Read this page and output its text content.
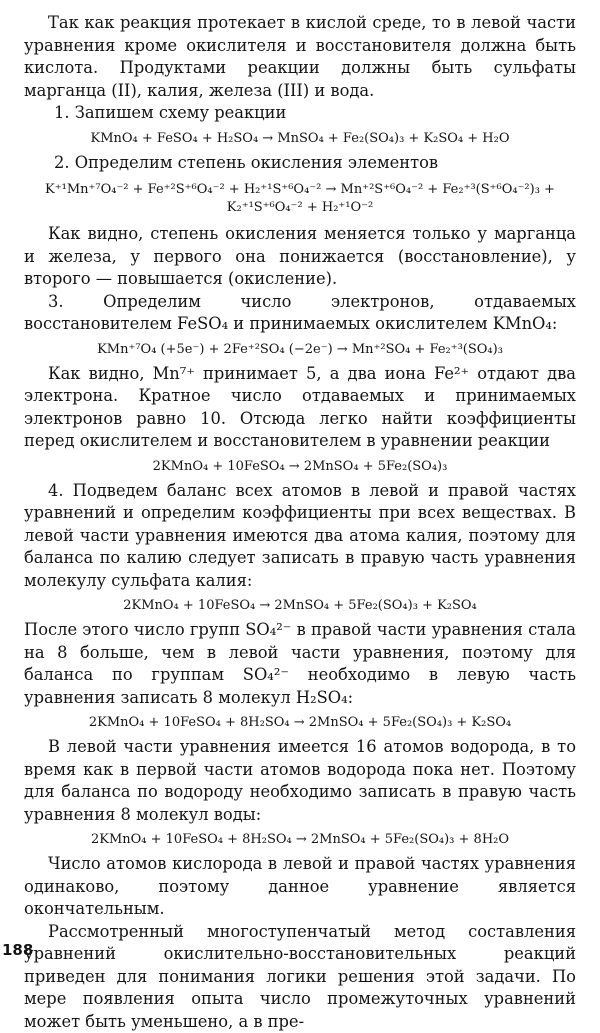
Так как реакция протекает в кислой среде, то в левой части уравнения кроме окислителя и восстановителя должна быть кислота. Продуктами реакции должны быть сульфаты марганца (II), калия, железа (III) и вода.

1. Запишем схему реакции

KMnO₄ + FeSO₄ + H₂SO₄ → MnSO₄ + Fe₂(SO₄)₃ + K₂SO₄ + H₂O

2. Определим степень окисления элементов

K⁺¹Mn⁺⁷O₄⁻² + Fe⁺²S⁺⁶O₄⁻² + H₂⁺¹S⁺⁶O₄⁻² → Mn⁺²S⁺⁶O₄⁻² + Fe₂⁺³(S⁺⁶O₄⁻²)₃ + K₂⁺¹S⁺⁶O₄⁻² + H₂⁺¹O⁻²

Как видно, степень окисления меняется только у марганца и железа, у первого она понижается (восстановление), у второго — повышается (окисление).

3. Определим число электронов, отдаваемых восстановителем FeSO₄ и принимаемых окислителем KMnO₄:

KMn⁺⁷O₄ (+5e⁻) + 2Fe⁺²SO₄ (−2e⁻) → Mn⁺²SO₄ + Fe₂⁺³(SO₄)₃

Как видно, Mn⁷⁺ принимает 5, а два иона Fe²⁺ отдают два электрона. Кратное число отдаваемых и принимаемых электронов равно 10. Отсюда легко найти коэффициенты перед окислителем и восстановителем в уравнении реакции

2KMnO₄ + 10FeSO₄ → 2MnSO₄ + 5Fe₂(SO₄)₃

4. Подведем баланс всех атомов в левой и правой частях уравнений и определим коэффициенты при всех веществах. В левой части уравнения имеются два атома калия, поэтому для баланса по калию следует записать в правую часть уравнения молекулу сульфата калия:

2KMnO₄ + 10FeSO₄ → 2MnSO₄ + 5Fe₂(SO₄)₃ + K₂SO₄

После этого число групп SO₄²⁻ в правой части уравнения стала на 8 больше, чем в левой части уравнения, поэтому для баланса по группам SO₄²⁻ необходимо в левую часть уравнения записать 8 молекул H₂SO₄:

2KMnO₄ + 10FeSO₄ + 8H₂SO₄ → 2MnSO₄ + 5Fe₂(SO₄)₃ + K₂SO₄

В левой части уравнения имеется 16 атомов водорода, в то время как в первой части атомов водорода пока нет. Поэтому для баланса по водороду необходимо записать в правую часть уравнения 8 молекул воды:

2KMnO₄ + 10FeSO₄ + 8H₂SO₄ → 2MnSO₄ + 5Fe₂(SO₄)₃ + 8H₂O

Число атомов кислорода в левой и правой частях уравнения одинаково, поэтому данное уравнение является окончательным.

Рассмотренный многоступенчатый метод составления уравнений окислительно-восстановительных реакций приведен для понимания логики решения этой задачи. По мере появления опыта число промежуточных уравнений может быть уменьшено, а в пре-

188
